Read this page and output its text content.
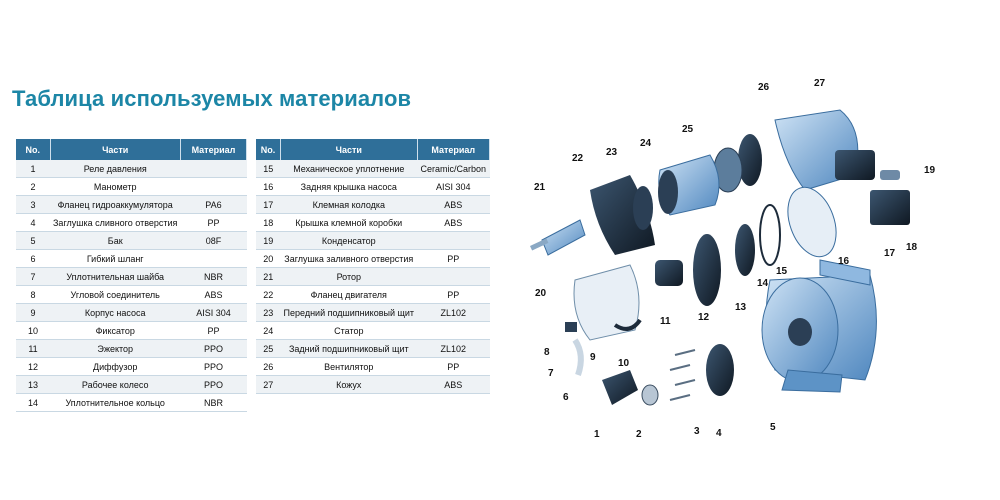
Таблица используемых материалов
No.	Части	Материал
1	Реле давления	
2	Манометр	
3	Фланец гидроаккумулятора	PA6
4	Заглушка сливного отверстия	PP
5	Бак	08F
6	Гибкий шланг	
7	Уплотнительная шайба	NBR
8	Угловой соединитель	ABS
9	Корпус насоса	AISI 304
10	Фиксатор	PP
11	Эжектор	PPO
12	Диффузор	PPO
13	Рабочее колесо	PPO
14	Уплотнительное кольцо	NBR
No.	Части	Материал
15	Механическое уплотнение	Ceramic/Carbon
16	Задняя крышка насоса	AISI 304
17	Клемная колодка	ABS
18	Крышка клемной коробки	ABS
19	Конденсатор	
20	Заглушка заливного отверстия	PP
21	Ротор	
22	Фланец двигателя	PP
23	Передний подшипниковый щит	ZL102
24	Статор	
25	Задний подшипниковый щит	ZL102
26	Вентилятор	PP
27	Кожух	ABS
1	2	3 4
5
6
7
8	9
10
11	12
13
14
15
16
17
18
19
20
21
22
23
24
25
26	27
